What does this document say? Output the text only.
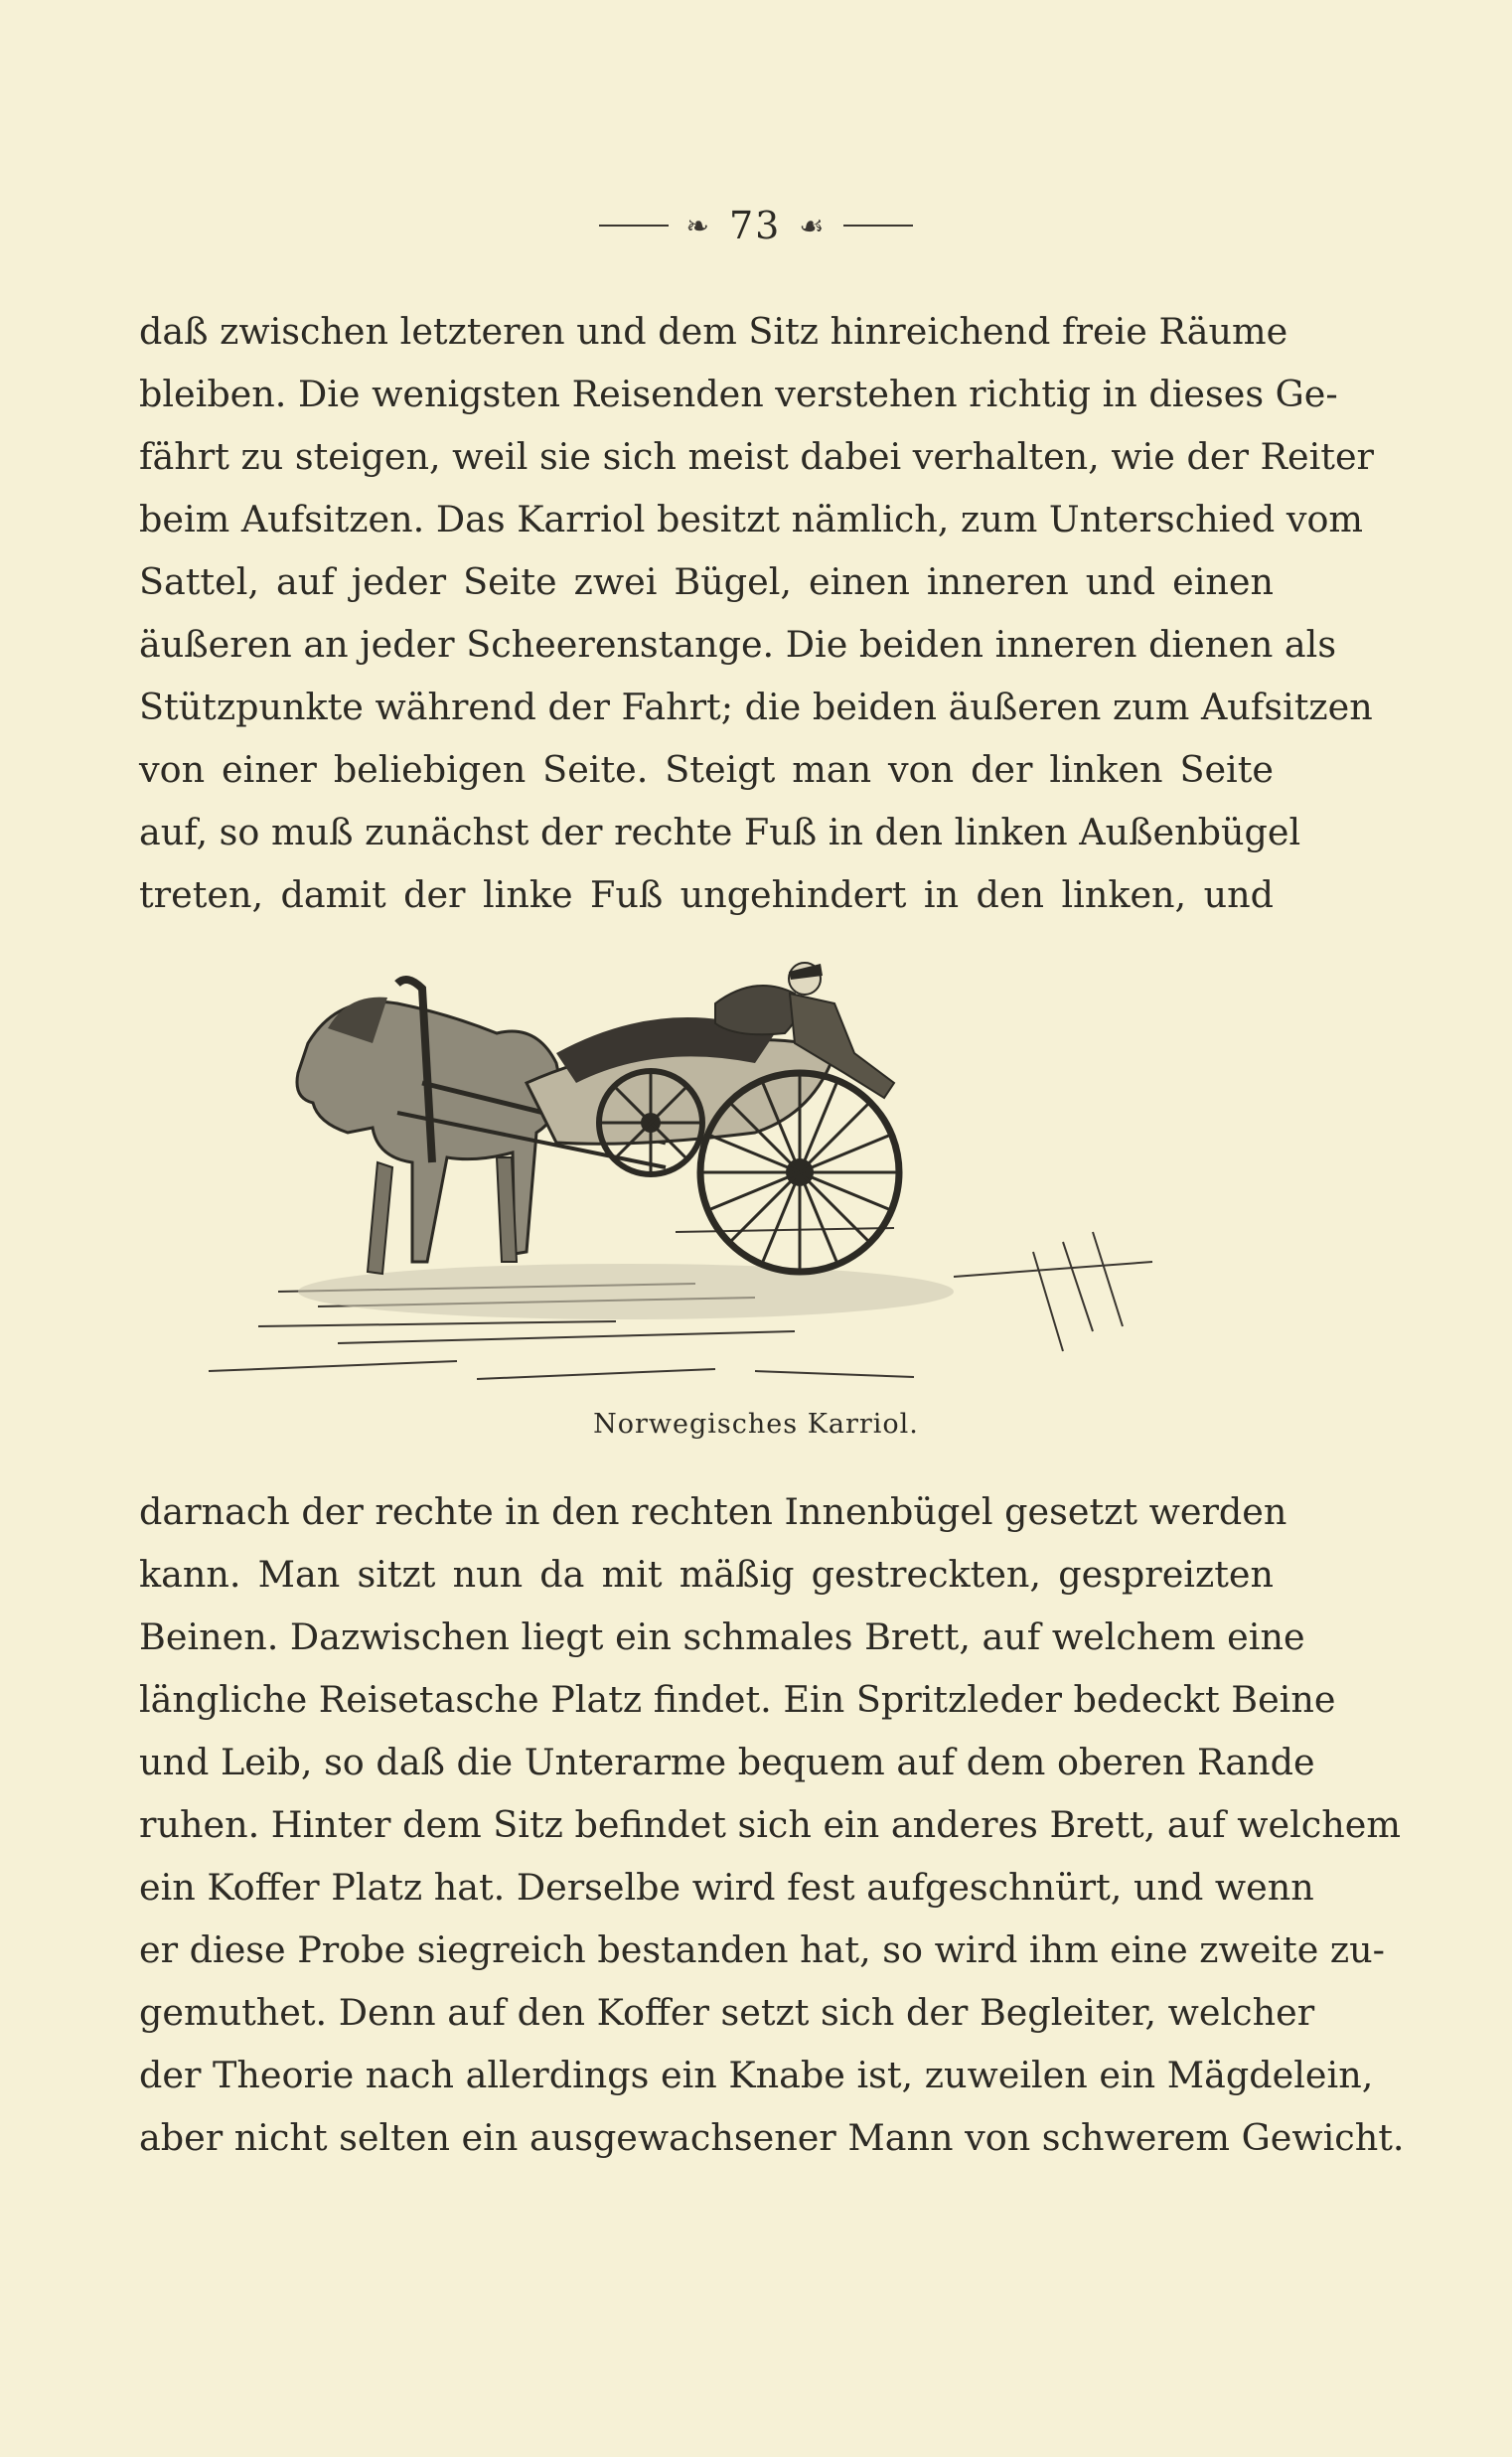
❧ 73 ☙
daß zwischen letzteren und dem Sitz hinreichend freie Räume
bleiben. Die wenigsten Reisenden verstehen richtig in dieses Ge-
fährt zu steigen, weil sie sich meist dabei verhalten, wie der Reiter
beim Aufsitzen. Das Karriol besitzt nämlich, zum Unterschied vom
Sattel, auf jeder Seite zwei Bügel, einen inneren und einen
äußeren an jeder Scheerenstange. Die beiden inneren dienen als
Stützpunkte während der Fahrt; die beiden äußeren zum Aufsitzen
von einer beliebigen Seite. Steigt man von der linken Seite
auf, so muß zunächst der rechte Fuß in den linken Außenbügel
treten, damit der linke Fuß ungehindert in den linken, und
Norwegisches Karriol.
darnach der rechte in den rechten Innenbügel gesetzt werden
kann. Man sitzt nun da mit mäßig gestreckten, gespreizten
Beinen. Dazwischen liegt ein schmales Brett, auf welchem eine
längliche Reisetasche Platz findet. Ein Spritzleder bedeckt Beine
und Leib, so daß die Unterarme bequem auf dem oberen Rande
ruhen. Hinter dem Sitz befindet sich ein anderes Brett, auf welchem
ein Koffer Platz hat. Derselbe wird fest aufgeschnürt, und wenn
er diese Probe siegreich bestanden hat, so wird ihm eine zweite zu-
gemuthet. Denn auf den Koffer setzt sich der Begleiter, welcher
der Theorie nach allerdings ein Knabe ist, zuweilen ein Mägdelein,
aber nicht selten ein ausgewachsener Mann von schwerem Gewicht.
